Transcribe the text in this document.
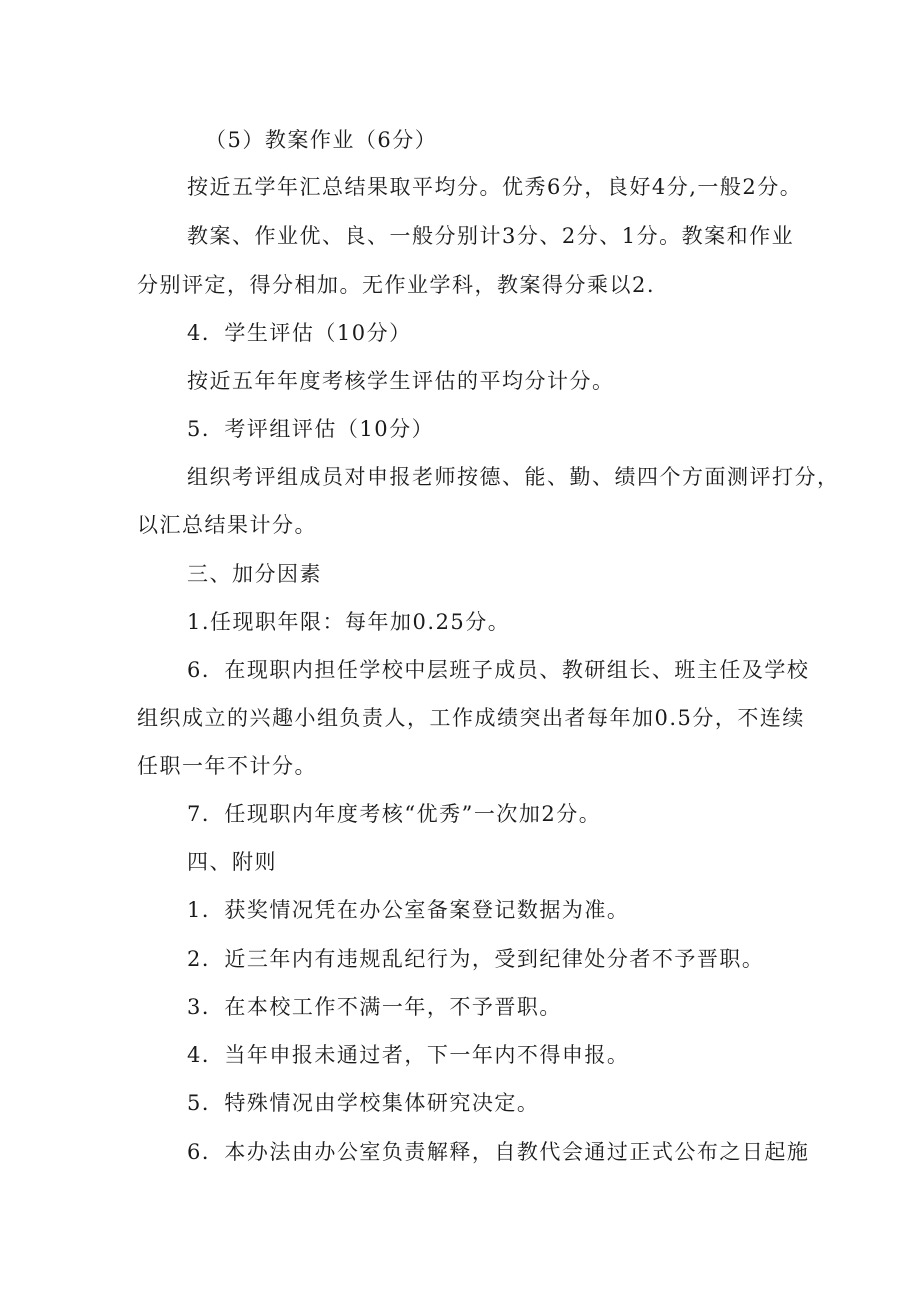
（5）教案作业（6分）
按近五学年汇总结果取平均分。优秀6分，良好4分,一般2分。
教案、作业优、良、一般分别计3分、2分、1分。教案和作业
分别评定，得分相加。无作业学科，教案得分乘以2.
4．学生评估（10分）
按近五年年度考核学生评估的平均分计分。
5．考评组评估（10分）
组织考评组成员对申报老师按德、能、勤、绩四个方面测评打分，
以汇总结果计分。
三、加分因素
1.任现职年限：每年加0.25分。
6．在现职内担任学校中层班子成员、教研组长、班主任及学校
组织成立的兴趣小组负责人，工作成绩突出者每年加0.5分，不连续
任职一年不计分。
7．任现职内年度考核“优秀”一次加2分。
四、附则
1．获奖情况凭在办公室备案登记数据为准。
2．近三年内有违规乱纪行为，受到纪律处分者不予晋职。
3．在本校工作不满一年，不予晋职。
4．当年申报未通过者，下一年内不得申报。
5．特殊情况由学校集体研究决定。
6．本办法由办公室负责解释，自教代会通过正式公布之日起施
